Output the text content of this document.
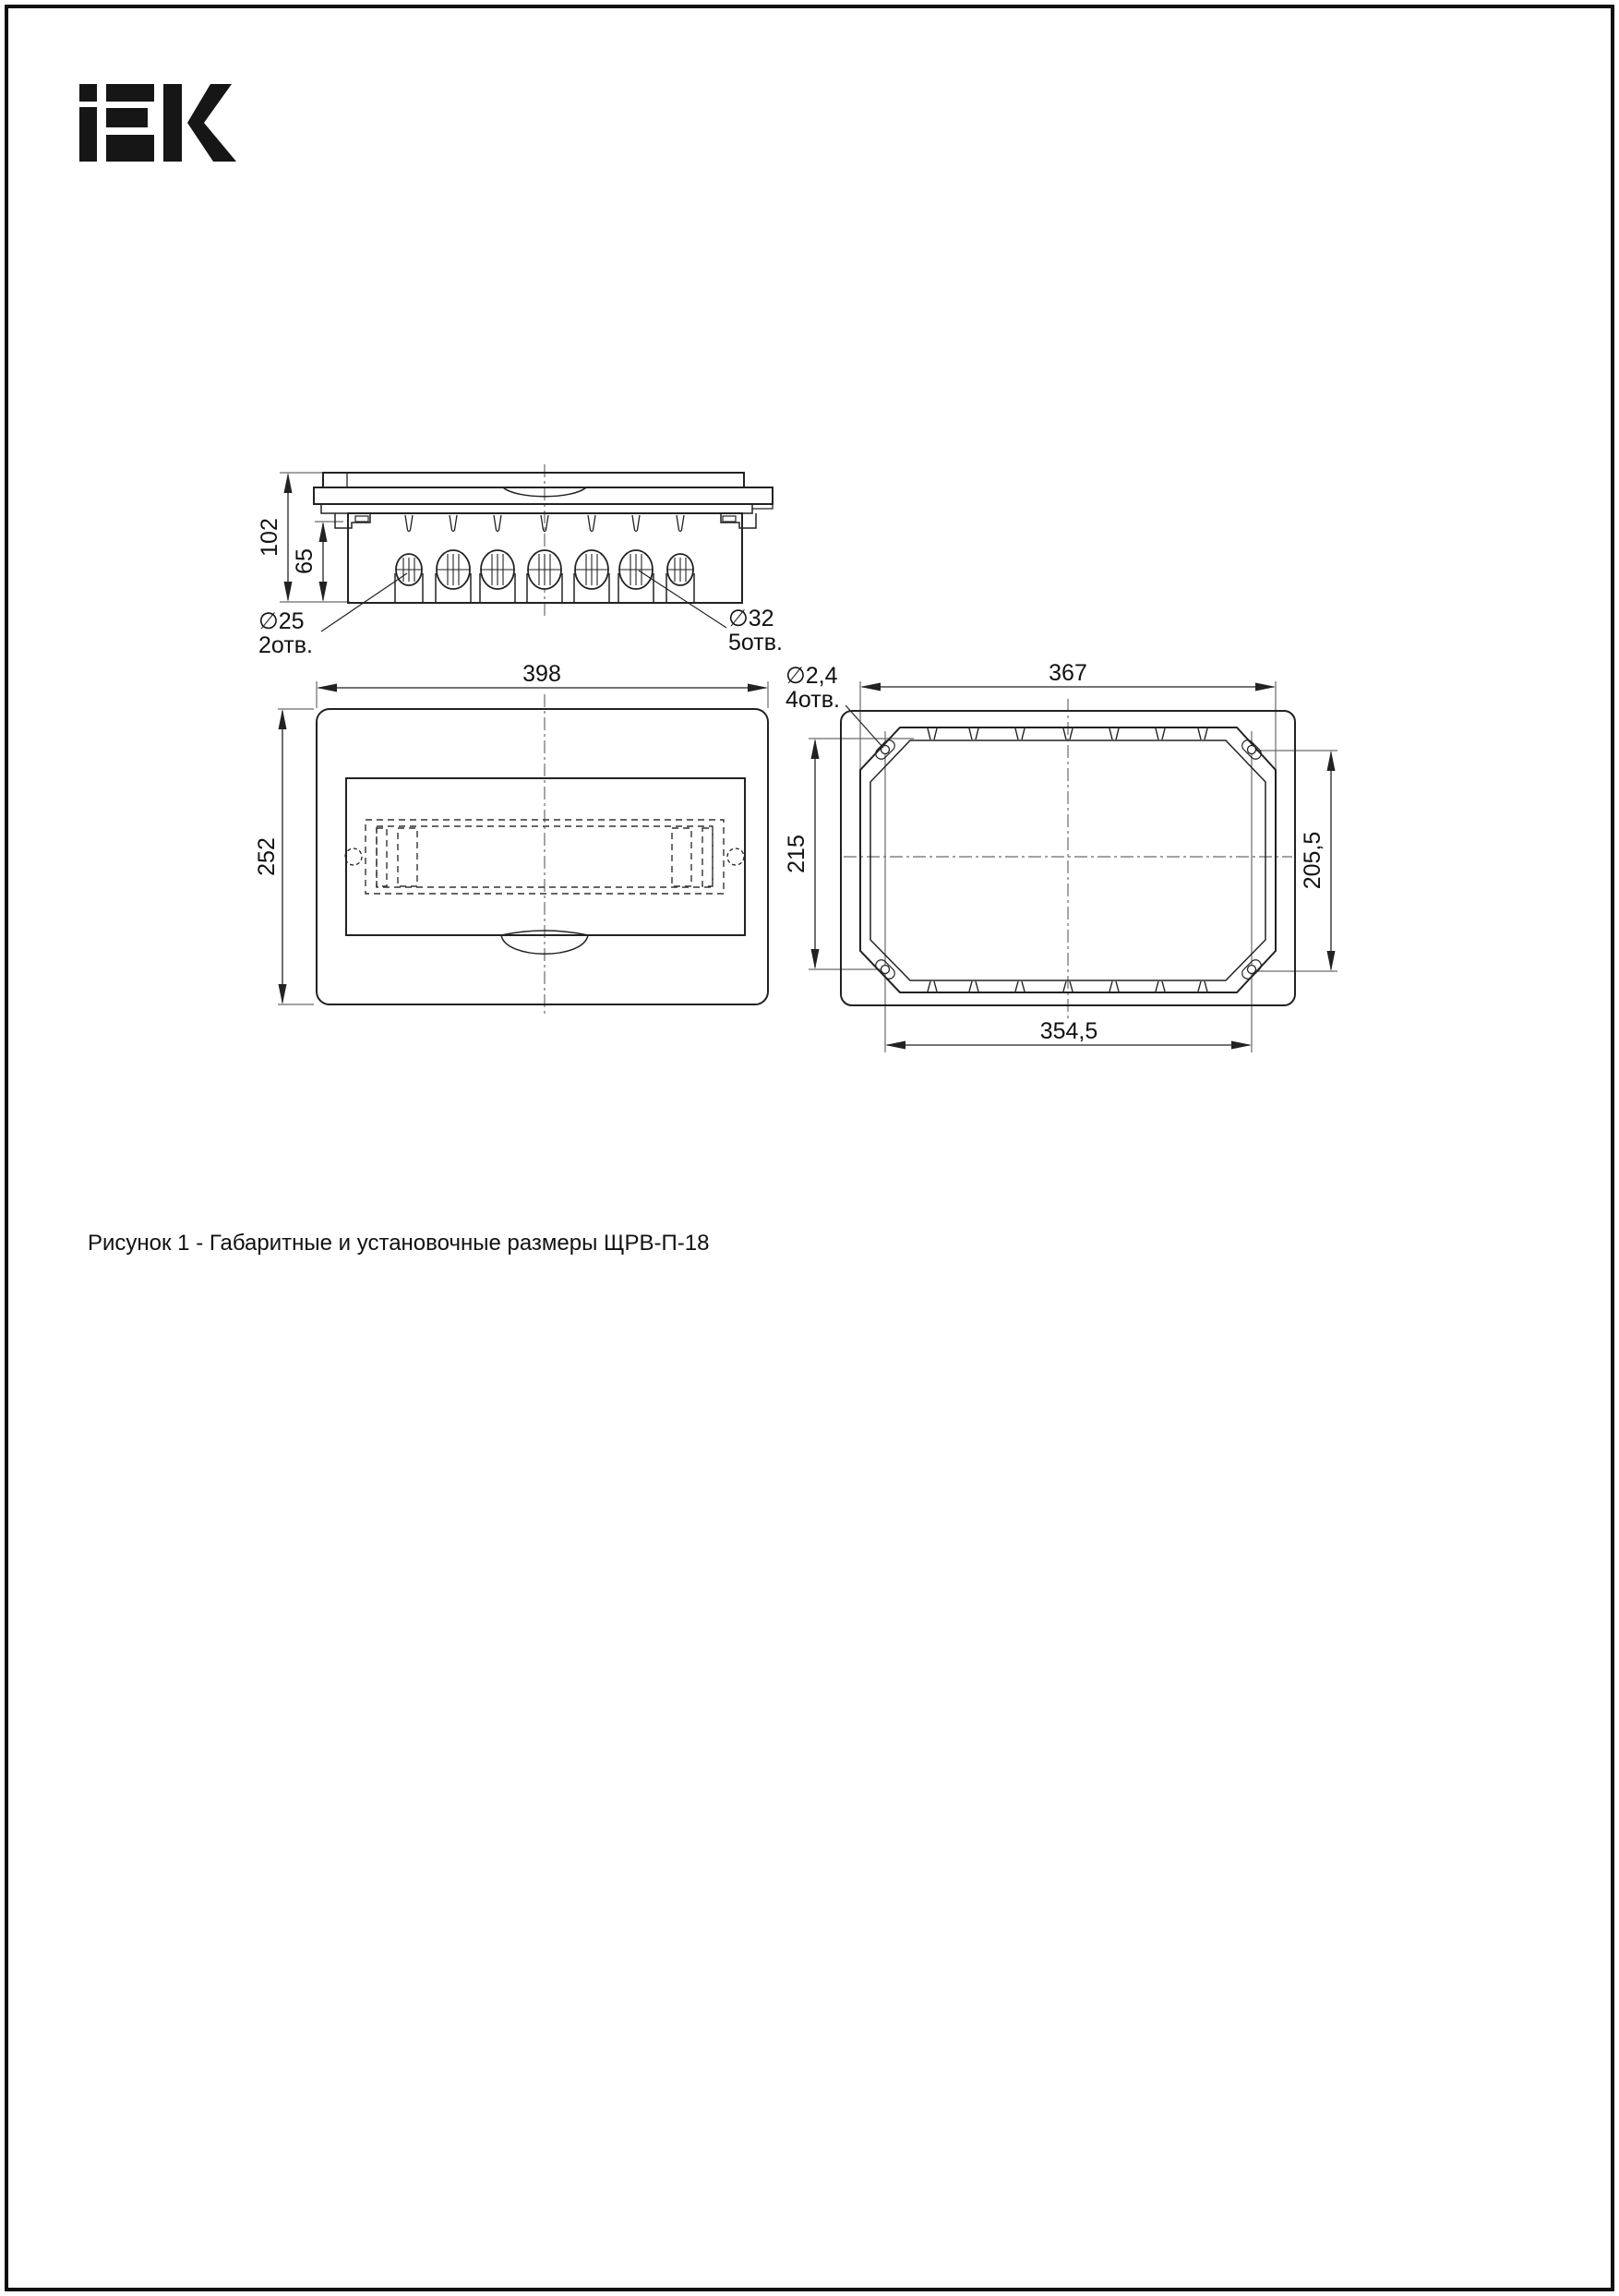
102
65
∅25
2отв.
∅32
5отв.
398
252
∅2,4
4отв.
367
215	205,5
354,5
Рисунок 1 - Габаритные и установочные размеры ЩРВ-П-18
